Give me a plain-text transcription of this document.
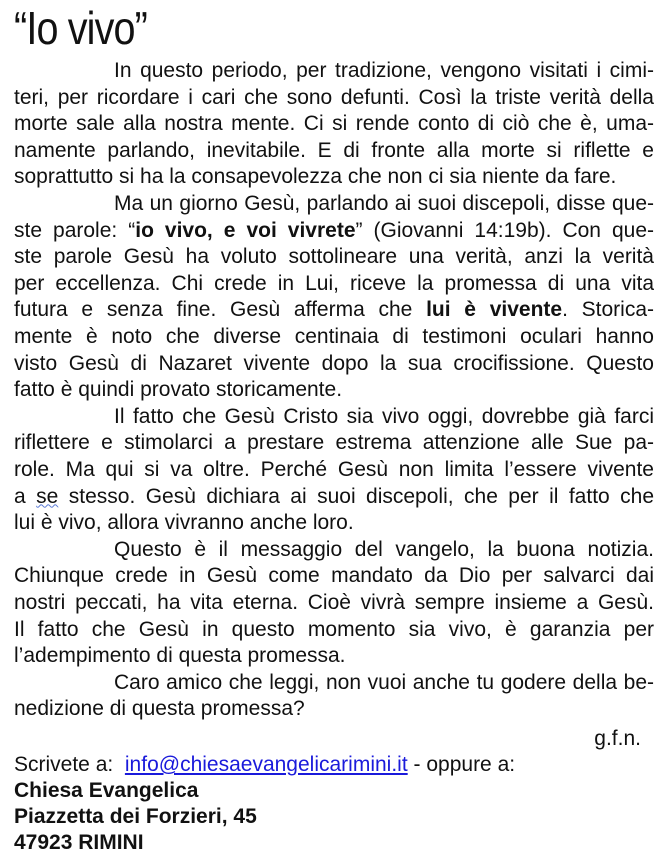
“Io vivo”
In questo periodo, per tradizione, vengono visitati i cimi-
teri, per ricordare i cari che sono defunti. Così la triste verità della
morte sale alla nostra mente. Ci si rende conto di ciò che è, uma-
namente parlando, inevitabile. E di fronte alla morte si riflette e
soprattutto si ha la consapevolezza che non ci sia niente da fare.
Ma un giorno Gesù, parlando ai suoi discepoli, disse que-
ste parole: “io vivo, e voi vivrete” (Giovanni 14:19b). Con que-
ste parole Gesù ha voluto sottolineare una verità, anzi la verità
per eccellenza. Chi crede in Lui, riceve la promessa di una vita
futura e senza fine. Gesù afferma che lui è vivente. Storica-
mente è noto che diverse centinaia di testimoni oculari hanno
visto Gesù di Nazaret vivente dopo la sua crocifissione. Questo
fatto è quindi provato storicamente.
Il fatto che Gesù Cristo sia vivo oggi, dovrebbe già farci
riflettere e stimolarci a prestare estrema attenzione alle Sue pa-
role. Ma qui si va oltre. Perché Gesù non limita l’essere vivente
a se stesso. Gesù dichiara ai suoi discepoli, che per il fatto che
lui è vivo, allora vivranno anche loro.
Questo è il messaggio del vangelo, la buona notizia.
Chiunque crede in Gesù come mandato da Dio per salvarci dai
nostri peccati, ha vita eterna. Cioè vivrà sempre insieme a Gesù.
Il fatto che Gesù in questo momento sia vivo, è garanzia per
l’adempimento di questa promessa.
Caro amico che leggi, non vuoi anche tu godere della be-
nedizione di questa promessa?
g.f.n.
Scrivete a:  info@chiesaevangelicarimini.it - oppure a:
Chiesa Evangelica
Piazzetta dei Forzieri, 45
47923 RIMINI
